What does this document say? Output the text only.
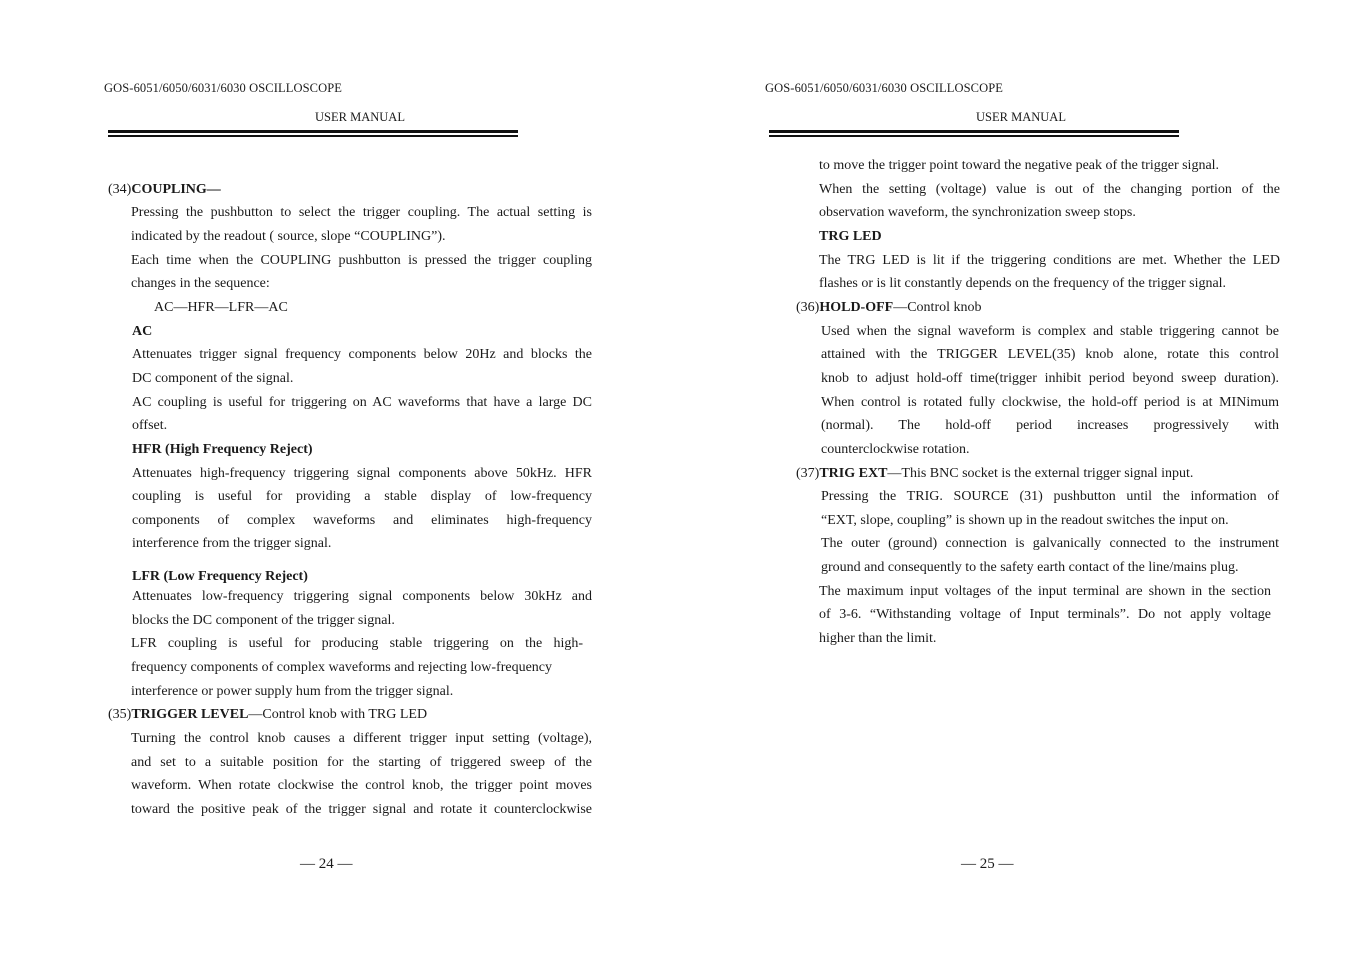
GOS-6051/6050/6031/6030 OSCILLOSCOPE
USER MANUAL
(34)COUPLING—
Pressing the pushbutton to select the trigger coupling. The actual setting is
indicated by the readout ( source, slope “COUPLING”).
Each time when the COUPLING pushbutton is pressed the trigger coupling
changes in the sequence:
AC—HFR—LFR—AC
AC
Attenuates trigger signal frequency components below 20Hz and blocks the
DC component of the signal.
AC coupling is useful for triggering on AC waveforms that have a large DC
offset.
HFR (High Frequency Reject)
Attenuates high-frequency triggering signal components above 50kHz. HFR
coupling is useful for providing a stable display of low-frequency
components of complex waveforms and eliminates high-frequency
interference from the trigger signal.
LFR (Low Frequency Reject)
Attenuates low-frequency triggering signal components below 30kHz and
blocks the DC component of the trigger signal.
LFR coupling is useful for producing stable triggering on the high-
frequency components of complex waveforms and rejecting low-frequency
interference or power supply hum from the trigger signal.
(35)TRIGGER LEVEL—Control knob with TRG LED
Turning the control knob causes a different trigger input setting (voltage),
and set to a suitable position for the starting of triggered sweep of the
waveform. When rotate clockwise the control knob, the trigger point moves
toward the positive peak of the trigger signal and rotate it counterclockwise
— 24 —
GOS-6051/6050/6031/6030 OSCILLOSCOPE
USER MANUAL
to move the trigger point toward the negative peak of the trigger signal.
When the setting (voltage) value is out of the changing portion of the
observation waveform, the synchronization sweep stops.
TRG LED
The TRG LED is lit if the triggering conditions are met. Whether the LED
flashes or is lit constantly depends on the frequency of the trigger signal.
(36)HOLD-OFF—Control knob
Used when the signal waveform is complex and stable triggering cannot be
attained with the TRIGGER LEVEL(35) knob alone, rotate this control
knob to adjust hold-off time(trigger inhibit period beyond sweep duration).
When control is rotated fully clockwise, the hold-off period is at MINimum
(normal). The hold-off period increases progressively with
counterclockwise rotation.
(37)TRIG EXT—This BNC socket is the external trigger signal input.
Pressing the TRIG. SOURCE (31) pushbutton until the information of
“EXT, slope, coupling” is shown up in the readout switches the input on.
The outer (ground) connection is galvanically connected to the instrument
ground and consequently to the safety earth contact of the line/mains plug.
The maximum input voltages of the input terminal are shown in the section
of 3-6. “Withstanding voltage of Input terminals”. Do not apply voltage
higher than the limit.
— 25 —
